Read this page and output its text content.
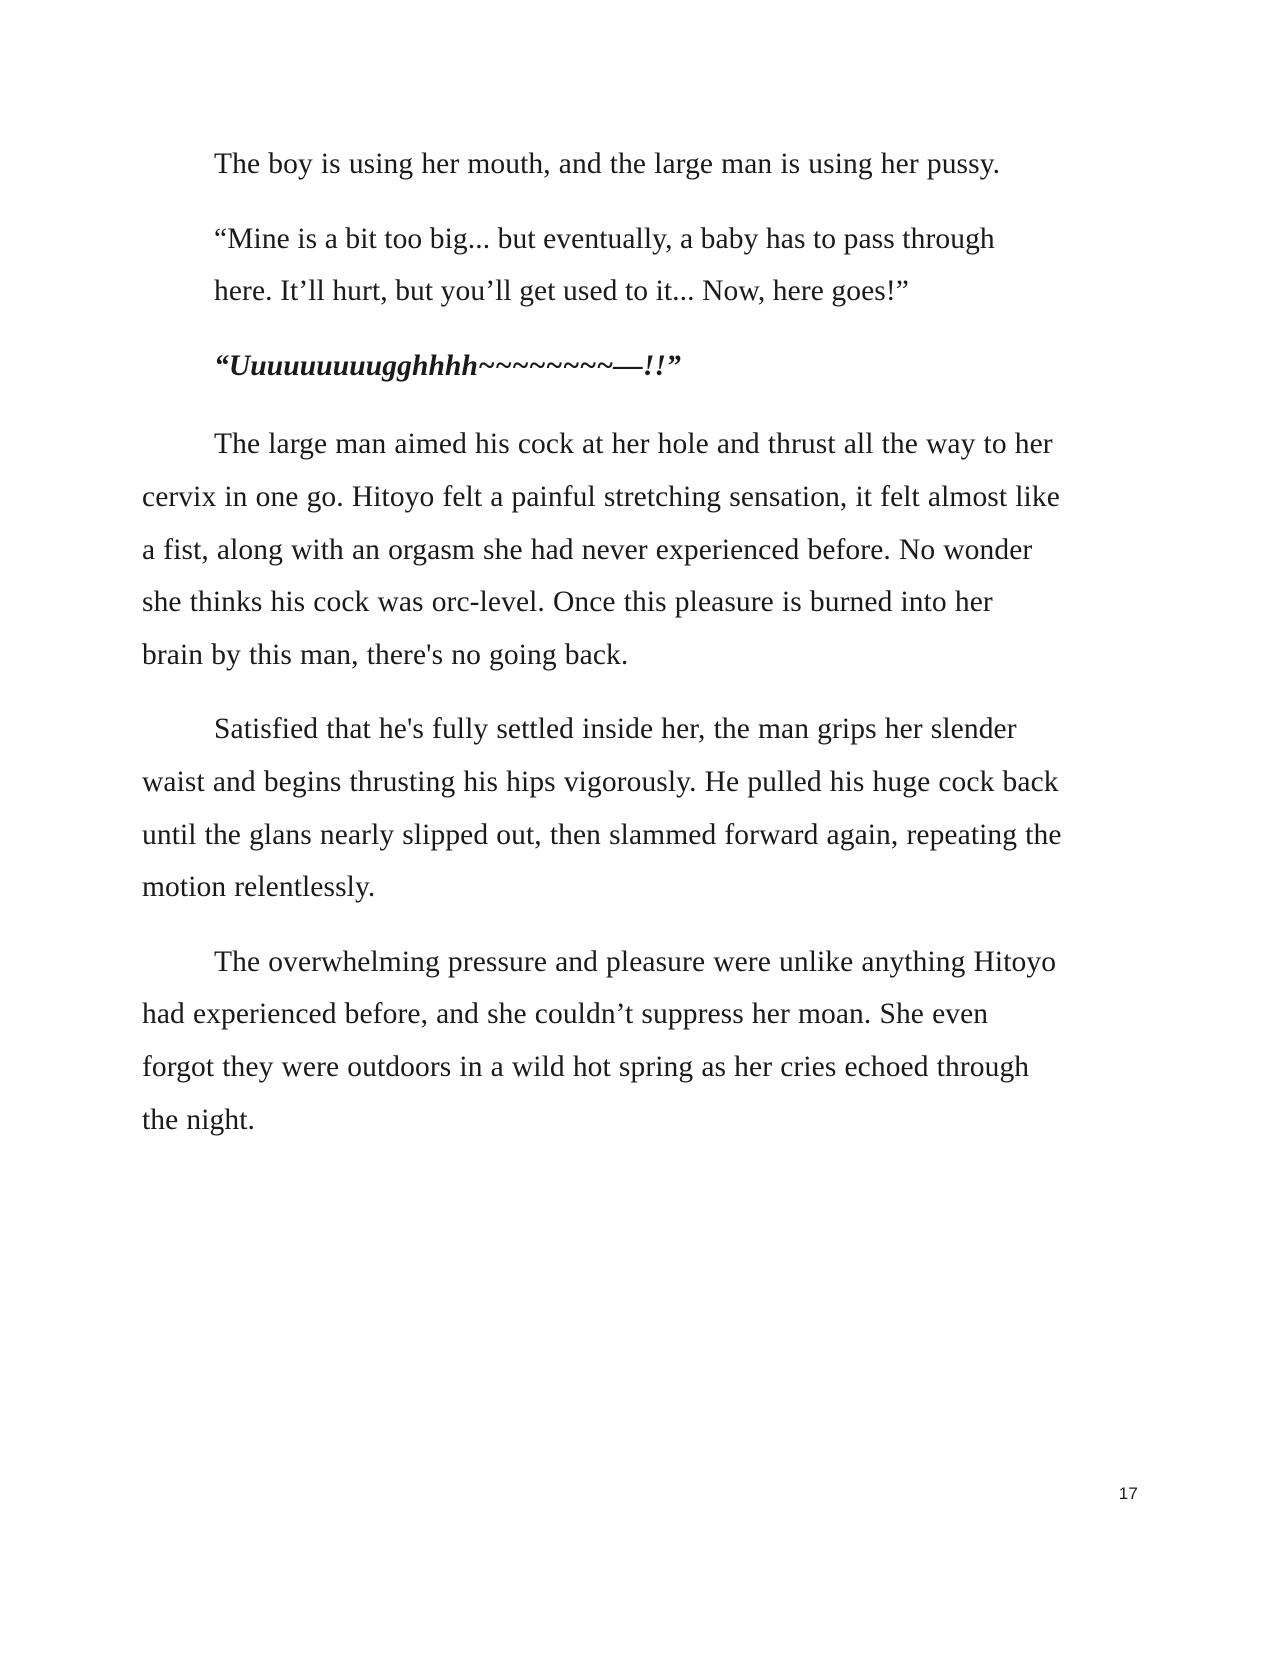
The boy is using her mouth, and the large man is using her pussy.

“Mine is a bit too big... but eventually, a baby has to pass through here. It’ll hurt, but you’ll get used to it... Now, here goes!”

“Uuuuuuuuugghhhh~~~~~~~~—!!”

The large man aimed his cock at her hole and thrust all the way to her cervix in one go. Hitoyo felt a painful stretching sensation, it felt almost like a fist, along with an orgasm she had never experienced before. No wonder she thinks his cock was orc-level. Once this pleasure is burned into her brain by this man, there's no going back.

Satisfied that he's fully settled inside her, the man grips her slender waist and begins thrusting his hips vigorously. He pulled his huge cock back until the glans nearly slipped out, then slammed forward again, repeating the motion relentlessly.

The overwhelming pressure and pleasure were unlike anything Hitoyo had experienced before, and she couldn’t suppress her moan. She even forgot they were outdoors in a wild hot spring as her cries echoed through the night.

17
